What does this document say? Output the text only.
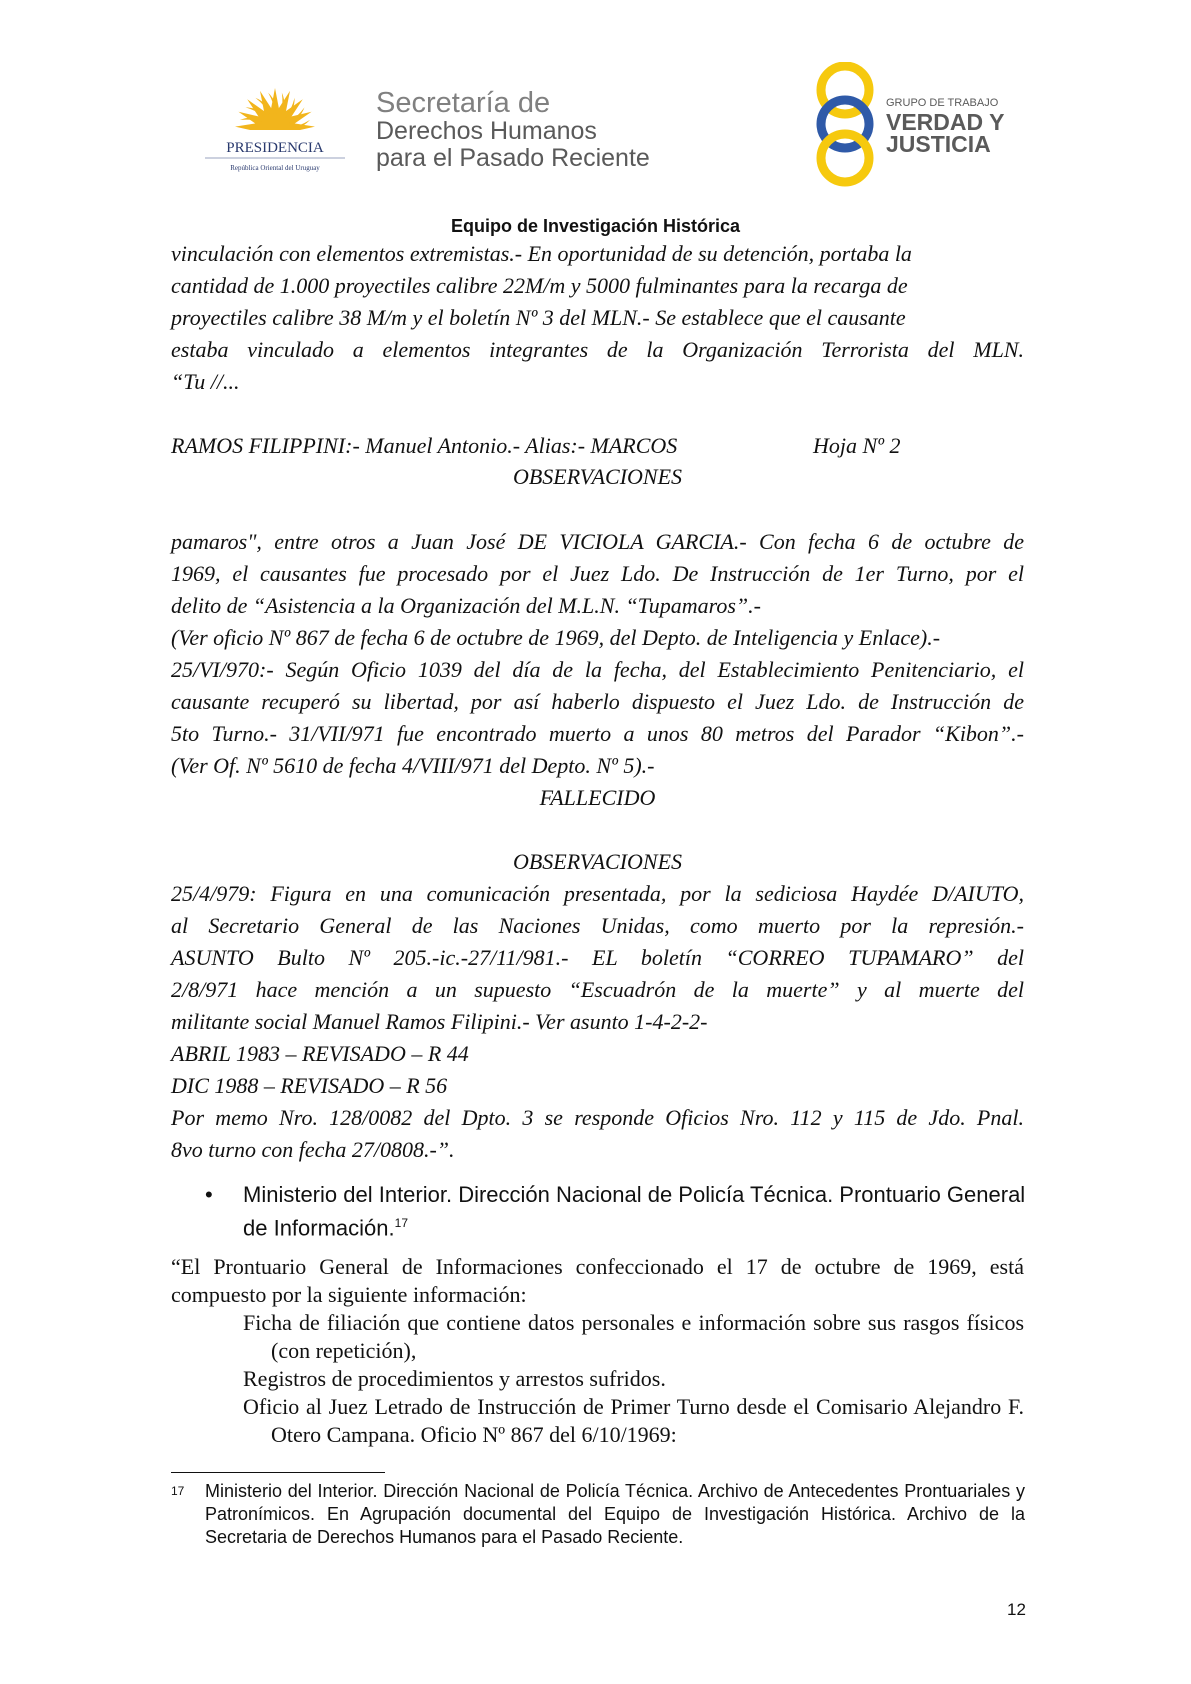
PRESIDENCIA
República Oriental del Uruguay
Secretaría de
Derechos Humanos
para el Pasado Reciente
GRUPO DE TRABAJO
VERDAD Y
JUSTICIA
Equipo de Investigación Histórica

vinculación con elementos extremistas.- En oportunidad de su detención, portaba la

cantidad de 1.000 proyectiles calibre 22M/m y 5000 fulminantes para la recarga de

proyectiles calibre 38 M/m y el boletín Nº 3 del MLN.- Se establece que el causante

estaba vinculado a elementos integrantes de la Organización Terrorista del MLN.

“Tu //...

RAMOS FILIPPINI:- Manuel Antonio.- Alias:- MARCOS	Hoja Nº 2
OBSERVACIONES

pamaros", entre otros a Juan José DE VICIOLA GARCIA.- Con fecha 6 de octubre de

1969, el causantes fue procesado por el Juez Ldo. De Instrucción de 1er Turno, por el

delito de “Asistencia a la Organización del M.L.N. “Tupamaros”.-

(Ver oficio Nº 867 de fecha 6 de octubre de 1969, del Depto. de Inteligencia y Enlace).-

25/VI/970:- Según Oficio 1039 del día de la fecha, del Establecimiento Penitenciario, el

causante recuperó su libertad, por así haberlo dispuesto el Juez Ldo. de Instrucción de

5to Turno.- 31/VII/971 fue encontrado muerto a unos 80 metros del Parador “Kibon”.-

(Ver Of. Nº 5610 de fecha 4/VIII/971 del Depto. Nº 5).-

FALLECIDO
OBSERVACIONES

25/4/979: Figura en una comunicación presentada, por la sediciosa Haydée D/AIUTO,

al Secretario General de las Naciones Unidas, como muerto por la represión.-

ASUNTO Bulto Nº 205.-ic.-27/11/981.- EL boletín “CORREO TUPAMARO” del

2/8/971 hace mención a un supuesto “Escuadrón de la muerte” y al muerte del

militante social Manuel Ramos Filipini.- Ver asunto 1-4-2-2-

ABRIL 1983 – REVISADO – R 44

DIC 1988 – REVISADO – R 56

Por memo Nro. 128/0082 del Dpto. 3 se responde Oficios Nro. 112 y 115 de Jdo. Pnal.

8vo turno con fecha 27/0808.-”.

• Ministerio del Interior. Dirección Nacional de Policía Técnica. Prontuario General de Información.$^{17}$
“El Prontuario General de Informaciones confeccionado el 17 de octubre de 1969, está compuesto por la siguiente información:
Ficha de filiación que contiene datos personales e información sobre sus rasgos físicos (con repetición),
Registros de procedimientos y arrestos sufridos.
Oficio al Juez Letrado de Instrucción de Primer Turno desde el Comisario Alejandro F. Otero Campana. Oficio Nº 867 del 6/10/1969:
17 Ministerio del Interior. Dirección Nacional de Policía Técnica. Archivo de Antecedentes Prontuariales y Patronímicos. En Agrupación documental del Equipo de Investigación Histórica. Archivo de la Secretaria de Derechos Humanos para el Pasado Reciente.
12
